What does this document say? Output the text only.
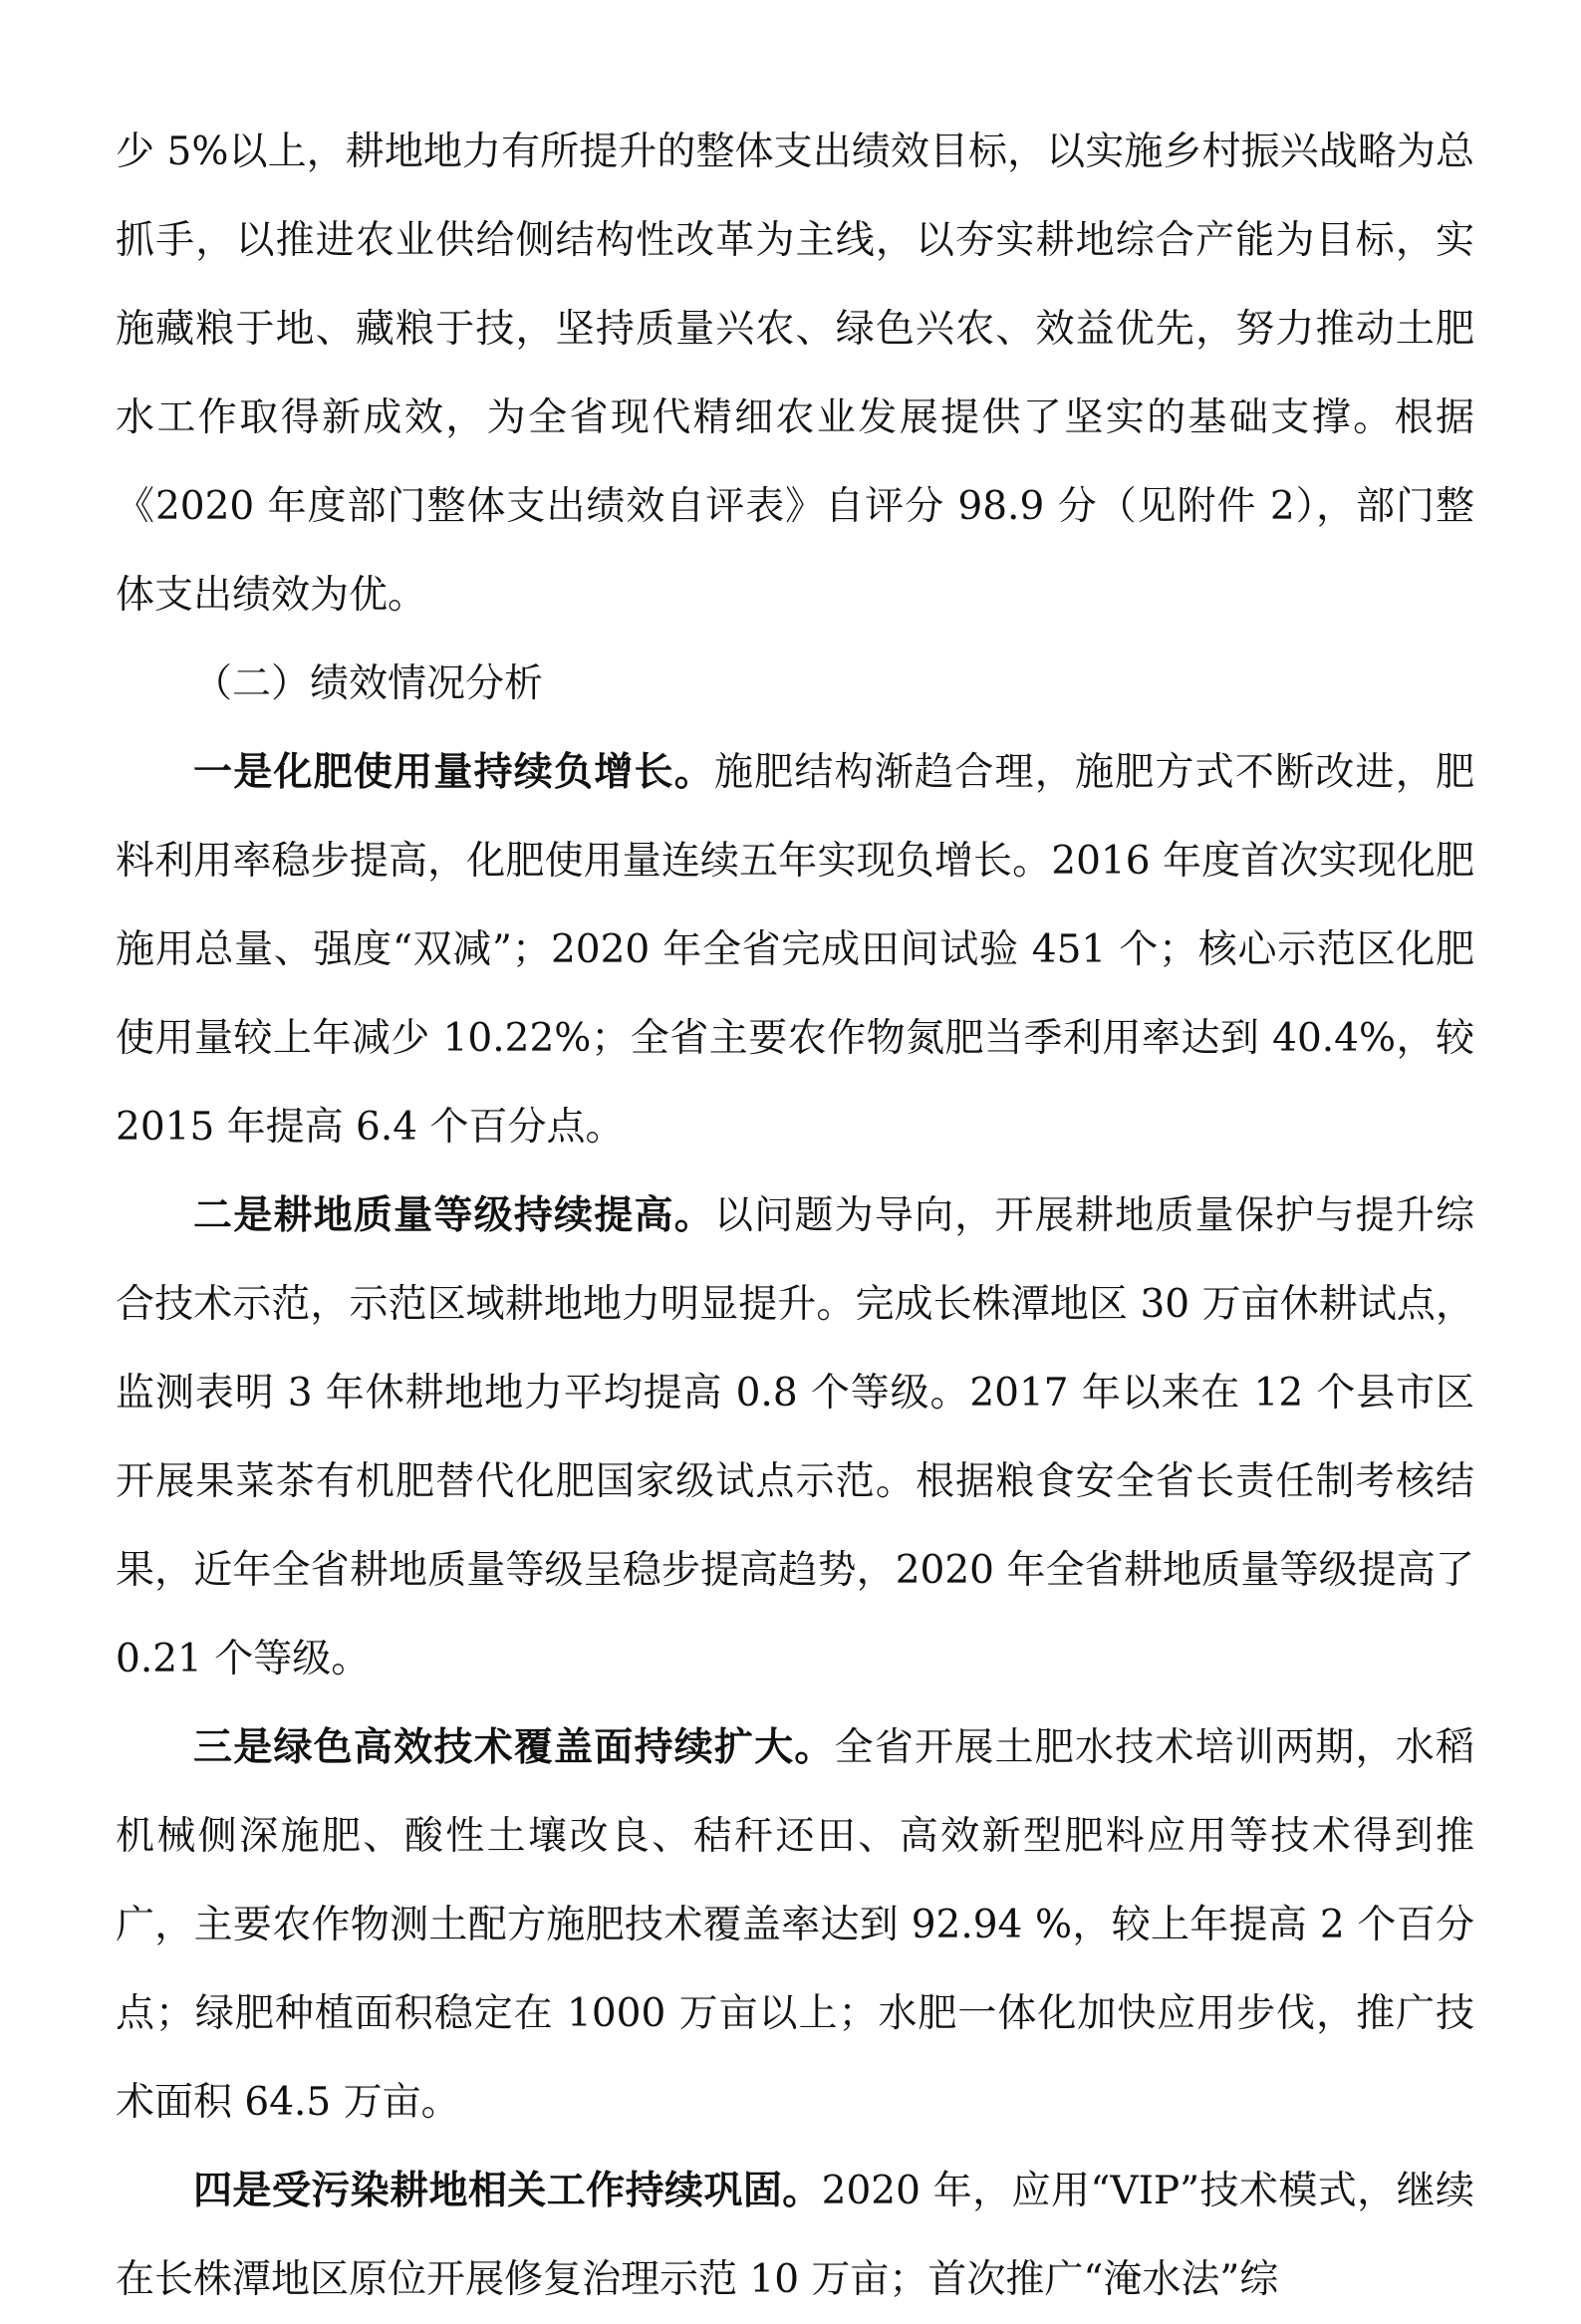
少 5%以上，耕地地力有所提升的整体支出绩效目标，以实施乡村振兴战略为总抓手，以推进农业供给侧结构性改革为主线，以夯实耕地综合产能为目标，实施藏粮于地、藏粮于技，坚持质量兴农、绿色兴农、效益优先，努力推动土肥水工作取得新成效，为全省现代精细农业发展提供了坚实的基础支撑。根据《2020 年度部门整体支出绩效自评表》自评分 98.9 分（见附件 2），部门整体支出绩效为优。

（二）绩效情况分析

一是化肥使用量持续负增长。施肥结构渐趋合理，施肥方式不断改进，肥料利用率稳步提高，化肥使用量连续五年实现负增长。2016 年度首次实现化肥施用总量、强度“双减”；2020 年全省完成田间试验 451 个；核心示范区化肥使用量较上年减少 10.22%；全省主要农作物氮肥当季利用率达到 40.4%，较 2015 年提高 6.4 个百分点。

二是耕地质量等级持续提高。以问题为导向，开展耕地质量保护与提升综合技术示范，示范区域耕地地力明显提升。完成长株潭地区 30 万亩休耕试点，监测表明 3 年休耕地地力平均提高 0.8 个等级。2017 年以来在 12 个县市区开展果菜茶有机肥替代化肥国家级试点示范。根据粮食安全省长责任制考核结果，近年全省耕地质量等级呈稳步提高趋势，2020 年全省耕地质量等级提高了 0.21 个等级。

三是绿色高效技术覆盖面持续扩大。全省开展土肥水技术培训两期，水稻机械侧深施肥、酸性土壤改良、秸秆还田、高效新型肥料应用等技术得到推广，主要农作物测土配方施肥技术覆盖率达到 92.94 %，较上年提高 2 个百分点；绿肥种植面积稳定在 1000 万亩以上；水肥一体化加快应用步伐，推广技术面积 64.5 万亩。

四是受污染耕地相关工作持续巩固。2020 年，应用“VIP”技术模式，继续在长株潭地区原位开展修复治理示范 10 万亩；首次推广“淹水法”综
